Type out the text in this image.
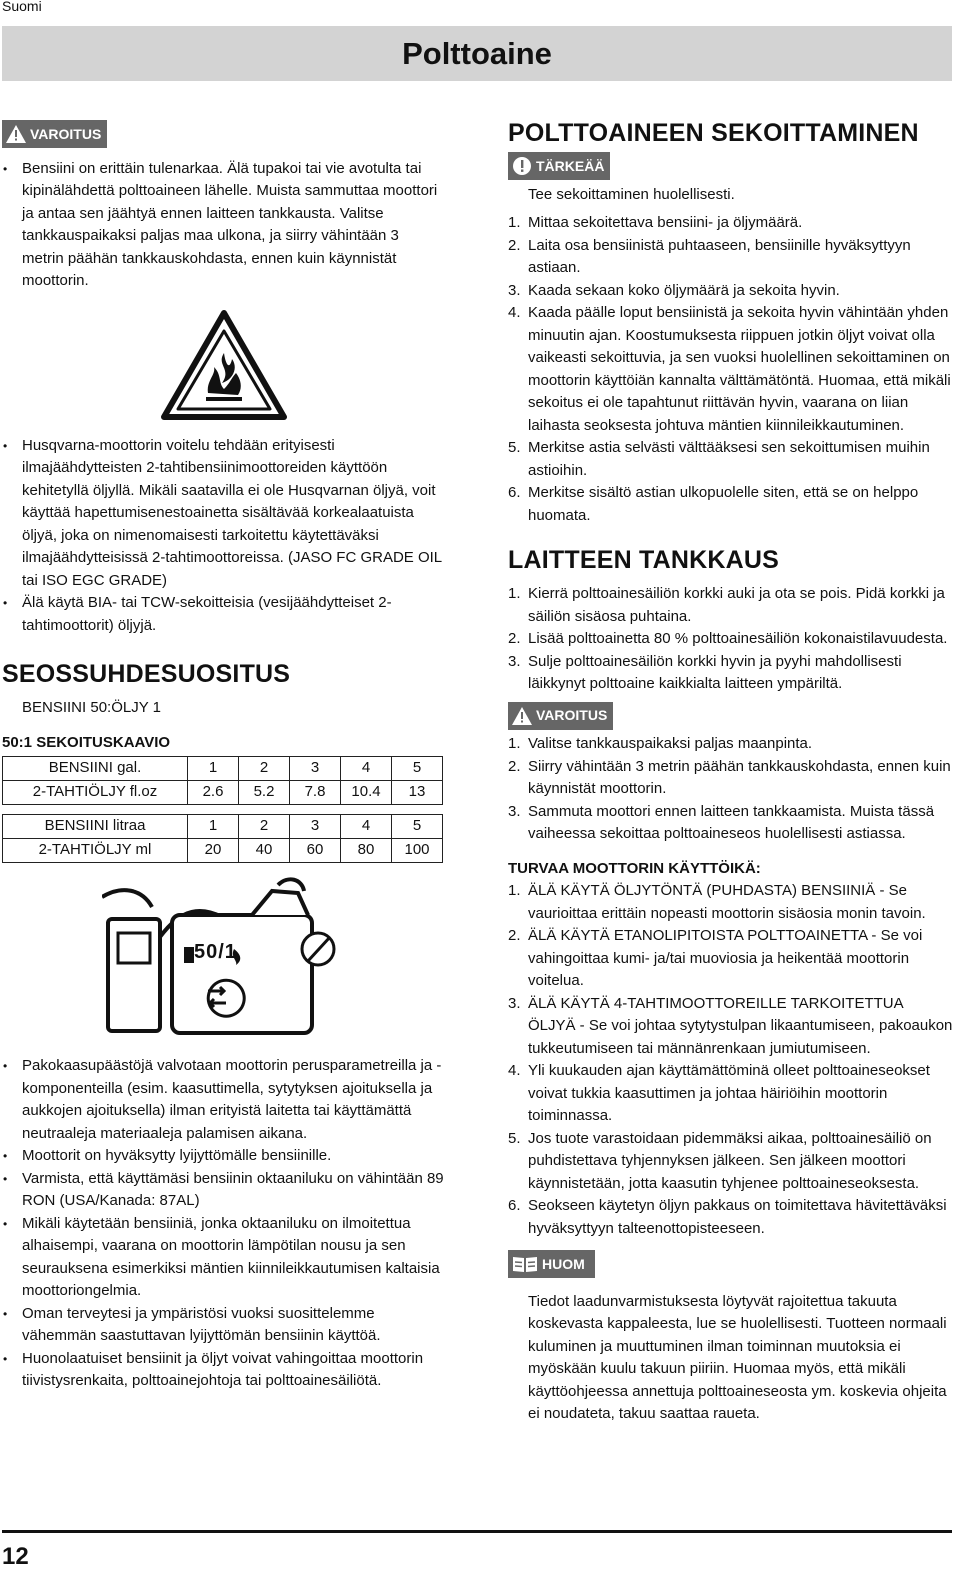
Suomi
Polttoaine
VAROITUS
• Bensiini on erittäin tulenarkaa. Älä tupakoi tai vie avotulta tai kipinälähdettä polttoaineen lähelle. Muista sammuttaa moottori ja antaa sen jäähtyä ennen laitteen tankkausta. Valitse tankkauspaikaksi paljas maa ulkona, ja siirry vähintään 3 metrin päähän tankkauskohdasta, ennen kuin käynnistät moottorin.
• Husqvarna-moottorin voitelu tehdään erityisesti ilmajäähdytteisten 2-tahtibensiinimoottoreiden käyttöön kehitetyllä öljyllä. Mikäli saatavilla ei ole Husqvarnan öljyä, voit käyttää hapettumisenestoainetta sisältävää korkealaatuista öljyä, joka on nimenomaisesti tarkoitettu käytettäväksi ilmajäähdytteisissä 2-tahtimoottoreissa. (JASO FC GRADE OIL tai ISO EGC GRADE)
• Älä käytä BIA- tai TCW-sekoitteisia (vesijäähdytteiset 2-tahtimoottorit) öljyjä.
SEOSSUHDESUOSITUS

BENSIINI 50:ÖLJY 1

50:1 SEKOITUSKAAVIO
BENSIINI gal.	1	2	3	4	5
2-TAHTIÖLJY fl.oz	2.6	5.2	7.8	10.4	13
BENSIINI litraa	1	2	3	4	5
2-TAHTIÖLJY ml	20	40	60	80	100
50/1
• Pakokaasupäästöjä valvotaan moottorin perusparametreilla ja -komponenteilla (esim. kaasuttimella, sytytyksen ajoituksella ja aukkojen ajoituksella) ilman erityistä laitetta tai käyttämättä neutraaleja materiaaleja palamisen aikana.
• Moottorit on hyväksytty lyijyttömälle bensiinille.
• Varmista, että käyttämäsi bensiinin oktaaniluku on vähintään 89 RON (USA/Kanada: 87AL)
• Mikäli käytetään bensiiniä, jonka oktaaniluku on ilmoitettua alhaisempi, vaarana on moottorin lämpötilan nousu ja sen seurauksena esimerkiksi mäntien kiinnileikkautumisen kaltaisia moottoriongelmia.
• Oman terveytesi ja ympäristösi vuoksi suosittelemme vähemmän saastuttavan lyijyttömän bensiinin käyttöä.
• Huonolaatuiset bensiinit ja öljyt voivat vahingoittaa moottorin tiivistysrenkaita, polttoainejohtoja tai polttoainesäiliötä.
POLTTOAINEEN SEKOITTAMINEN
TÄRKEÄÄ

Tee sekoittaminen huolellisesti.

1. Mittaa sekoitettava bensiini- ja öljymäärä.
2. Laita osa bensiinistä puhtaaseen, bensiinille hyväksyttyyn astiaan.
3. Kaada sekaan koko öljymäärä ja sekoita hyvin.
4. Kaada päälle loput bensiinistä ja sekoita hyvin vähintään yhden minuutin ajan. Koostumuksesta riippuen jotkin öljyt voivat olla vaikeasti sekoittuvia, ja sen vuoksi huolellinen sekoittaminen on moottorin käyttöiän kannalta välttämätöntä. Huomaa, että mikäli sekoitus ei ole tapahtunut riittävän hyvin, vaarana on liian laihasta seoksesta johtuva mäntien kiinnileikkautuminen.
5. Merkitse astia selvästi välttääksesi sen sekoittumisen muihin astioihin.
6. Merkitse sisältö astian ulkopuolelle siten, että se on helppo huomata.
LAITTEEN TANKKAUS
1. Kierrä polttoainesäiliön korkki auki ja ota se pois. Pidä korkki ja säiliön sisäosa puhtaina.
2. Lisää polttoainetta 80 % polttoainesäiliön kokonaistilavuudesta.
3. Sulje polttoainesäiliön korkki hyvin ja pyyhi mahdollisesti läikkynyt polttoaine kaikkialta laitteen ympäriltä.
VAROITUS
1. Valitse tankkauspaikaksi paljas maanpinta.
2. Siirry vähintään 3 metrin päähän tankkauskohdasta, ennen kuin käynnistät moottorin.
3. Sammuta moottori ennen laitteen tankkaamista. Muista tässä vaiheessa sekoittaa polttoaineseos huolellisesti astiassa.
TURVAA MOOTTORIN KÄYTTÖIKÄ:
1. ÄLÄ KÄYTÄ ÖLJYTÖNTÄ (PUHDASTA) BENSIINIÄ - Se vaurioittaa erittäin nopeasti moottorin sisäosia monin tavoin.
2. ÄLÄ KÄYTÄ ETANOLIPITOISTA POLTTOAINETTA - Se voi vahingoittaa kumi- ja/tai muoviosia ja heikentää moottorin voitelua.
3. ÄLÄ KÄYTÄ 4-TAHTIMOOTTOREILLE TARKOITETTUA ÖLJYÄ - Se voi johtaa sytytystulpan likaantumiseen, pakoaukon tukkeutumiseen tai männänrenkaan jumiutumiseen.
4. Yli kuukauden ajan käyttämättöminä olleet polttoaineseokset voivat tukkia kaasuttimen ja johtaa häiriöihin moottorin toiminnassa.
5. Jos tuote varastoidaan pidemmäksi aikaa, polttoainesäiliö on puhdistettava tyhjennyksen jälkeen. Sen jälkeen moottori käynnistetään, jotta kaasutin tyhjenee polttoaineseoksesta.
6. Seokseen käytetyn öljyn pakkaus on toimitettava hävitettäväksi hyväksyttyyn talteenottopisteeseen.
HUOM

Tiedot laadunvarmistuksesta löytyvät rajoitettua takuuta koskevasta kappaleesta, lue se huolellisesti. Tuotteen normaali kuluminen ja muuttuminen ilman toiminnan muutoksia ei myöskään kuulu takuun piiriin. Huomaa myös, että mikäli käyttöohjeessa annettuja polttoaineseosta ym. koskevia ohjeita ei noudateta, takuu saattaa raueta.

12
